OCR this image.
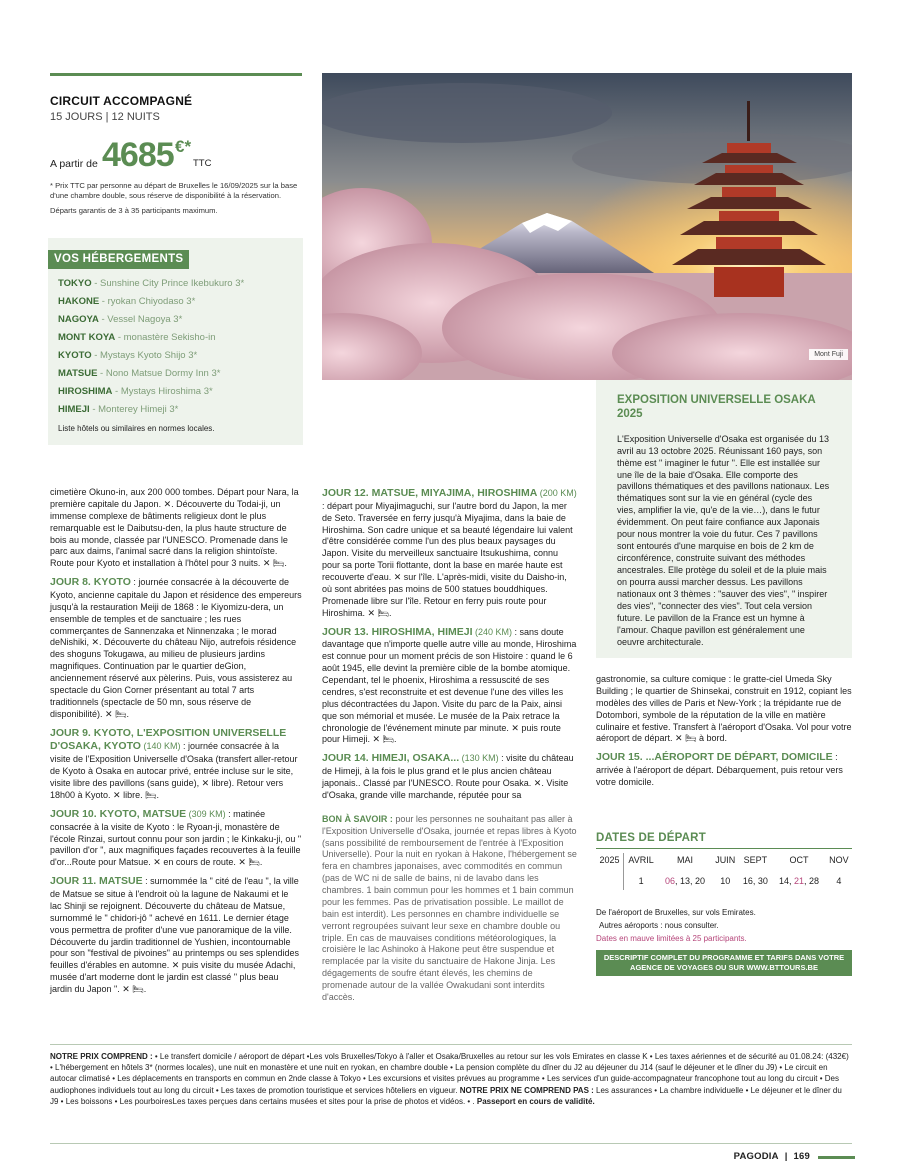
CIRCUIT ACCOMPAGNÉ
15 JOURS | 12 NUITS
A partir de 4685 €*
TTC
* Prix TTC par personne au départ de Bruxelles le 16/09/2025 sur la base d'une chambre double, sous réserve de disponibilité à la réservation.
Départs garantis de 3 à 35 participants maximum.
VOS HÉBERGEMENTS
TOKYO - Sunshine City Prince Ikebukuro 3*
HAKONE - ryokan Chiyodaso 3*
NAGOYA - Vessel Nagoya 3*
MONT KOYA - monastère Sekisho-in
KYOTO - Mystays Kyoto Shijo 3*
MATSUE - Nono Matsue Dormy Inn 3*
HIROSHIMA - Mystays Hiroshima 3*
HIMEJI - Monterey Himeji 3*
Liste hôtels ou similaires en normes locales.
Mont Fuji
EXPOSITION UNIVERSELLE OSAKA 2025
L'Exposition Universelle d'Osaka est organisée du 13 avril au 13 octobre 2025. Réunissant 160 pays, son thème est " imaginer le futur ". Elle est installée sur une île de la baie d'Osaka. Elle comporte des pavillons thématiques et des pavillons nationaux. Les thématiques sont sur la vie en général (cycle des vies, amplifier la vie, qu'e de la vie…), dans le futur évidemment. On peut faire confiance aux Japonais pour nous montrer la voie du futur. Ces 7 pavillons sont entourés d'une marquise en bois de 2 km de circonférence, construite suivant des méthodes ancestrales. Elle protège du soleil et de la pluie mais on pourra aussi marcher dessus. Les pavillons nationaux ont 3 thèmes : "sauver des vies", " inspirer des vies", "connecter des vies". Tout cela version future. Le pavillon de la France est un hymne à l'amour. Chaque pavillon est généralement une oeuvre architecturale.

cimetière Okuno-in, aux 200 000 tombes. Départ pour Nara, la première capitale du Japon. ✕. Découverte du Todai-ji, un immense complexe de bâtiments religieux dont le plus remarquable est le Daibutsu-den, la plus haute structure de bois au monde, classée par l'UNESCO. Promenade dans le parc aux daims, l'animal sacré dans la religion shintoïste. Route pour Kyoto et installation à l'hôtel pour 3 nuits. ✕ 🛏.

JOUR 8. KYOTO : journée consacrée à la découverte de Kyoto, ancienne capitale du Japon et résidence des empereurs jusqu'à la restauration Meiji de 1868 : le Kiyomizu-dera, un ensemble de temples et de sanctuaire ; les rues commerçantes de Sannenzaka et Ninnenzaka ; le morad deNishiki, ✕. Découverte du château Nijo, autrefois résidence des shoguns Tokugawa, au milieu de plusieurs jardins magnifiques. Continuation par le quartier deGion, anciennement réservé aux pèlerins. Puis, vous assisterez au spectacle du Gion Corner présentant au total 7 arts traditionnels (spectacle de 50 mn, sous réserve de disponibilité). ✕ 🛏.

JOUR 9. KYOTO, L'EXPOSITION UNIVERSELLE D'OSAKA, KYOTO (140 KM) : journée consacrée à la visite de l'Exposition Universelle d'Osaka (transfert aller-retour de Kyoto à Osaka en autocar privé, entrée incluse sur le site, visite libre des pavillons (sans guide), ✕ libre). Retour vers 18h00 à Kyoto. ✕ libre. 🛏.

JOUR 10. KYOTO, MATSUE (309 KM) : matinée consacrée à la visite de Kyoto : le Ryoan-ji, monastère de l'école Rinzai, surtout connu pour son jardin ; le Kinkaku-ji, ou " pavillon d'or ", aux magnifiques façades recouvertes à la feuille d'or...Route pour Matsue. ✕ en cours de route. ✕ 🛏.

JOUR 11. MATSUE : surnommée la " cité de l'eau ", la ville de Matsue se situe à l'endroit où la lagune de Nakaumi et le lac Shinji se rejoignent. Découverte du château de Matsue, surnommé le " chidori-jô " achevé en 1611. Le dernier étage vous permettra de profiter d'une vue panoramique de la ville. Découverte du jardin traditionnel de Yushien, incontournable pour son "festival de pivoines" au printemps ou ses splendides feuilles d'érables en automne. ✕ puis visite du musée Adachi, musée d'art moderne dont le jardin est classé " plus beau jardin du Japon ". ✕ 🛏.

JOUR 12. MATSUE, MIYAJIMA, HIROSHIMA (200 KM) : départ pour Miyajimaguchi, sur l'autre bord du Japon, la mer de Seto. Traversée en ferry jusqu'à Miyajima, dans la baie de Hiroshima. Son cadre unique et sa beauté légendaire lui valent d'être considérée comme l'un des plus beaux paysages du Japon. Visite du merveilleux sanctuaire Itsukushima, connu pour sa porte Torii flottante, dont la base en marée haute est recouverte d'eau. ✕ sur l'île. L'après-midi, visite du Daisho-in, où sont abritées pas moins de 500 statues bouddhiques. Promenade libre sur l'île. Retour en ferry puis route pour Hiroshima. ✕ 🛏.

JOUR 13. HIROSHIMA, HIMEJI (240 KM) : sans doute davantage que n'importe quelle autre ville au monde, Hiroshima est connue pour un moment précis de son Histoire : quand le 6 août 1945, elle devint la première cible de la bombe atomique. Cependant, tel le phoenix, Hiroshima a ressuscité de ses cendres, s'est reconstruite et est devenue l'une des villes les plus décontractées du Japon. Visite du parc de la Paix, ainsi que son mémorial et musée. Le musée de la Paix retrace la chronologie de l'événement minute par minute. ✕ puis route pour Himeji. ✕ 🛏.

JOUR 14. HIMEJI, OSAKA... (130 KM) : visite du château de Himeji, à la fois le plus grand et le plus ancien château japonais.. Classé par l'UNESCO. Route pour Osaka. ✕. Visite d'Osaka, grande ville marchande, réputée pour sa

BON À SAVOIR : pour les personnes ne souhaitant pas aller à l'Exposition Universelle d'Osaka, journée et repas libres à Kyoto (sans possibilité de remboursement de l'entrée à l'Exposition Universelle). Pour la nuit en ryokan à Hakone, l'hébergement se fera en chambres japonaises, avec commodités en commun (pas de WC ni de salle de bains, ni de lavabo dans les chambres. 1 bain commun pour les hommes et 1 bain commun pour les femmes. Pas de privatisation possible. Le maillot de bain est interdit). Les personnes en chambre individuelle se verront regroupées suivant leur sexe en chambre double ou triple. En cas de mauvaises conditions météorologiques, la croisière le lac Ashinoko à Hakone peut être suspendue et remplacée par la visite du sanctuaire de Hakone Jinja. Les dégagements de soufre étant élevés, les chemins de promenade autour de la vallée Owakudani sont interdits d'accès.

gastronomie, sa culture comique : le gratte-ciel Umeda Sky Building ; le quartier de Shinsekai, construit en 1912, copiant les modèles des villes de Paris et New-York ; la trépidante rue de Dotombori, symbole de la réputation de la ville en matière culinaire et festive. Transfert à l'aéroport d'Osaka. Vol pour votre aéroport de départ. ✕ 🛏 à bord.

JOUR 15. ...AÉROPORT DE DÉPART, DOMICILE : arrivée à l'aéroport de départ. Débarquement, puis retour vers votre domicile.

DATES DE DÉPART
2025	AVRIL	MAI	JUIN	SEPT	OCT	NOV
	1	06, 13, 20	10	16, 30	14, 21, 28	4
De l'aéroport de Bruxelles, sur vols Emirates.
Autres aéroports : nous consulter.
Dates en mauve limitées à 25 participants.
DESCRIPTIF COMPLET DU PROGRAMME ET TARIFS DANS VOTRE AGENCE DE VOYAGES OU SUR WWW.BTTOURS.BE
NOTRE PRIX COMPREND : • Le transfert domicile / aéroport de départ •Les vols Bruxelles/Tokyo à l'aller et Osaka/Bruxelles au retour sur les vols Emirates en classe K • Les taxes aériennes et de sécurité au 01.08.24: (432€) • L'hébergement en hôtels 3* (normes locales), une nuit en monastère et une nuit en ryokan, en chambre double • La pension complète du dîner du J2 au déjeuner du J14 (sauf le déjeuner et le dîner du J9) • Le circuit en autocar climatisé • Les déplacements en transports en commun en 2nde classe à Tokyo • Les excursions et visites prévues au programme • Les services d'un guide-accompagnateur francophone tout au long du circuit • Des audiophones individuels tout au long du circuit • Les taxes de promotion touristique et services hôteliers en vigueur. NOTRE PRIX NE COMPREND PAS : Les assurances • La chambre individuelle • Le déjeuner et le dîner du J9 • Les boissons • Les pourboiresLes taxes perçues dans certains musées et sites pour la prise de photos et vidéos. • . Passeport en cours de validité.
PAGODIA | 169
